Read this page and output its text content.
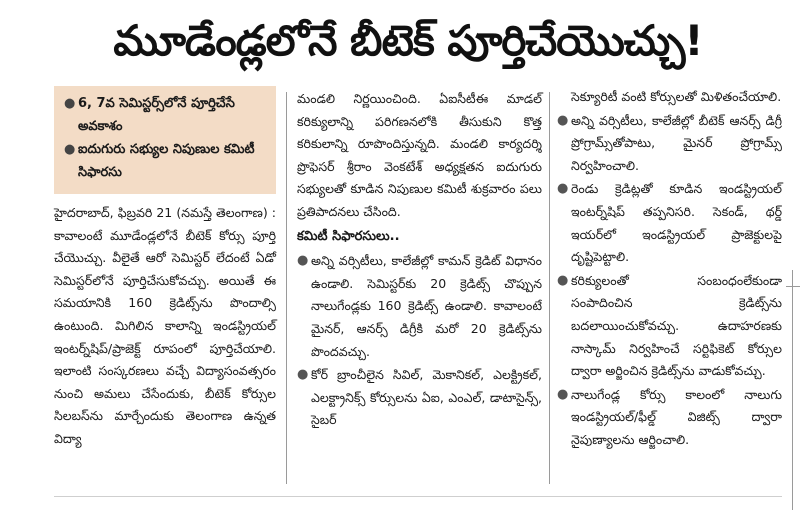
మూడేండ్లలోనే బీటెక్ పూర్తిచేయొచ్చు!
● 6, 7వ సెమిస్టర్స్‌లోనే పూర్తిచేసే అవకాశం
● ఐదుగురు సభ్యుల నిపుణుల కమిటీ సిఫారసు

హైదరాబాద్, ఫిబ్రవరి 21 (నమస్తే తెలంగాణ) : కావాలంటే మూడేండ్లలోనే బీటెక్ కోర్సు పూర్తి చేయొచ్చు. వీలైతే ఆరో సెమిస్టర్ లేదంటే ఏడో సెమిస్టర్‌లోనే పూర్తిచేసుకోవచ్చు. అయితే ఈ సమయానికి 160 క్రెడిట్స్‌ను పొందాల్సి ఉంటుంది. మిగిలిన కాలాన్ని ఇండస్ట్రియల్ ఇంటర్న్‌షిప్/ప్రాజెక్ట్ రూపంలో పూర్తిచేయాలి. ఇలాంటి సంస్కరణలు వచ్చే విద్యాసంవత్సరం నుంచి అమలు చేసేందుకు, బీటెక్ కోర్సుల సిలబస్‌ను మార్చేందుకు తెలంగాణ ఉన్నత విద్యా

మండలి నిర్ణయించింది. ఏఐసీటీఈ మాడల్ కరిక్యులాన్ని పరిగణనలోకి తీసుకుని కొత్త కరికులాన్ని రూపొందిస్తున్నది. మండలి కార్యదర్శి ప్రొఫెసర్ శ్రీరాం వెంకటేశ్ అధ్యక్షతన ఐదుగురు సభ్యులతో కూడిన నిపుణుల కమిటీ శుక్రవారం పలు ప్రతిపాదనలు చేసింది.

కమిటీ సిఫారసులు..
● అన్ని వర్సిటీలు, కాలేజీల్లో కామన్ క్రెడిట్ విధానం ఉండాలి. సెమిస్టర్‌కు 20 క్రెడిట్స్ చొప్పున నాలుగేండ్లకు 160 క్రెడిట్స్ ఉండాలి. కావాలంటే మైనర్, ఆనర్స్ డిగ్రీకి మరో 20 క్రెడిట్స్‌ను పొందవచ్చు.
● కోర్ బ్రాంచీలైన సివిల్, మెకానికల్, ఎలక్ట్రికల్, ఎలక్ట్రానిక్స్ కోర్సులను ఏఐ, ఎంఎల్, డాటాసైన్స్, సైబర్
సెక్యూరిటీ వంటి కోర్సులతో మిళితంచేయాలి.
● అన్ని వర్సిటీలు, కాలేజీల్లో బీటెక్ ఆనర్స్ డిగ్రీ ప్రోగ్రామ్స్‌తోపాటు, మైనర్ ప్రోగ్రామ్స్ నిర్వహించాలి.
● రెండు క్రెడిట్లతో కూడిన ఇండస్ట్రియల్ ఇంటర్న్‌షిప్ తప్పనిసరి. సెకండ్, థర్డ్ ఇయర్‌లో ఇండస్ట్రియల్ ప్రాజెక్టులపై దృష్టిపెట్టాలి.
● కరిక్యులంతో సంబంధంలేకుండా సంపాదించిన క్రెడిట్స్‌ను బదలాయించుకోవచ్చు. ఉదాహరణకు నాస్కామ్ నిర్వహించే సర్టిఫికెట్ కోర్సుల ద్వారా అర్జించిన క్రెడిట్స్‌ను వాడుకోవచ్చు.
● నాలుగేండ్ల కోర్సు కాలంలో నాలుగు ఇండస్ట్రియల్/ఫీల్డ్ విజిట్స్ ద్వారా నైపుణ్యాలను ఆర్జించాలి.
